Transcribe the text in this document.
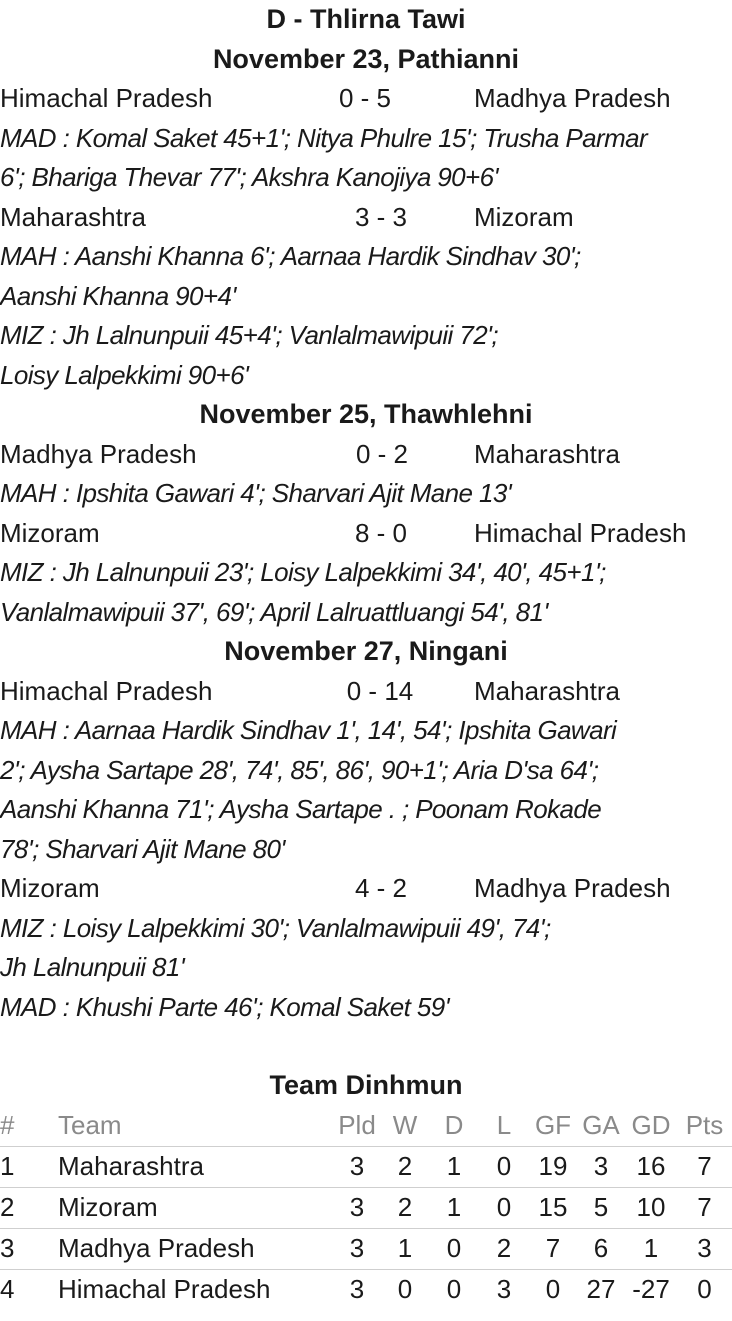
D - Thlirna Tawi
November 23, Pathianni
Himachal Pradesh	0 - 5	Madhya Pradesh
MAD : Komal Saket 45+1'; Nitya Phulre 15'; Trusha Parmar
6'; Bhariga Thevar 77'; Akshra Kanojiya 90+6'
Maharashtra	3 - 3	Mizoram
MAH : Aanshi Khanna 6'; Aarnaa Hardik Sindhav 30';
Aanshi Khanna 90+4'
MIZ : Jh Lalnunpuii 45+4'; Vanlalmawipuii 72';
Loisy Lalpekkimi 90+6'
November 25, Thawhlehni
Madhya Pradesh	0 - 2	Maharashtra
MAH : Ipshita Gawari 4'; Sharvari Ajit Mane 13'
Mizoram	8 - 0	Himachal Pradesh
MIZ : Jh Lalnunpuii 23'; Loisy Lalpekkimi 34', 40', 45+1';
Vanlalmawipuii 37', 69'; April Lalruattluangi 54', 81'
November 27, Ningani
Himachal Pradesh	0 - 14	Maharashtra
MAH : Aarnaa Hardik Sindhav 1', 14', 54'; Ipshita Gawari
2'; Aysha Sartape 28', 74', 85', 86', 90+1'; Aria D'sa 64';
Aanshi Khanna 71'; Aysha Sartape . ; Poonam Rokade
78'; Sharvari Ajit Mane 80'
Mizoram	4 - 2	Madhya Pradesh
MIZ : Loisy Lalpekkimi 30'; Vanlalmawipuii 49', 74';
Jh Lalnunpuii 81'
MAD : Khushi Parte 46'; Komal Saket 59'
Team Dinhmun
#	Team	Pld	W	D	L	GF	GA	GD	Pts
1	Maharashtra	3	2	1	0	19	3	16	7
2	Mizoram	3	2	1	0	15	5	10	7
3	Madhya Pradesh	3	1	0	2	7	6	1	3
4	Himachal Pradesh	3	0	0	3	0	27	-27	0
